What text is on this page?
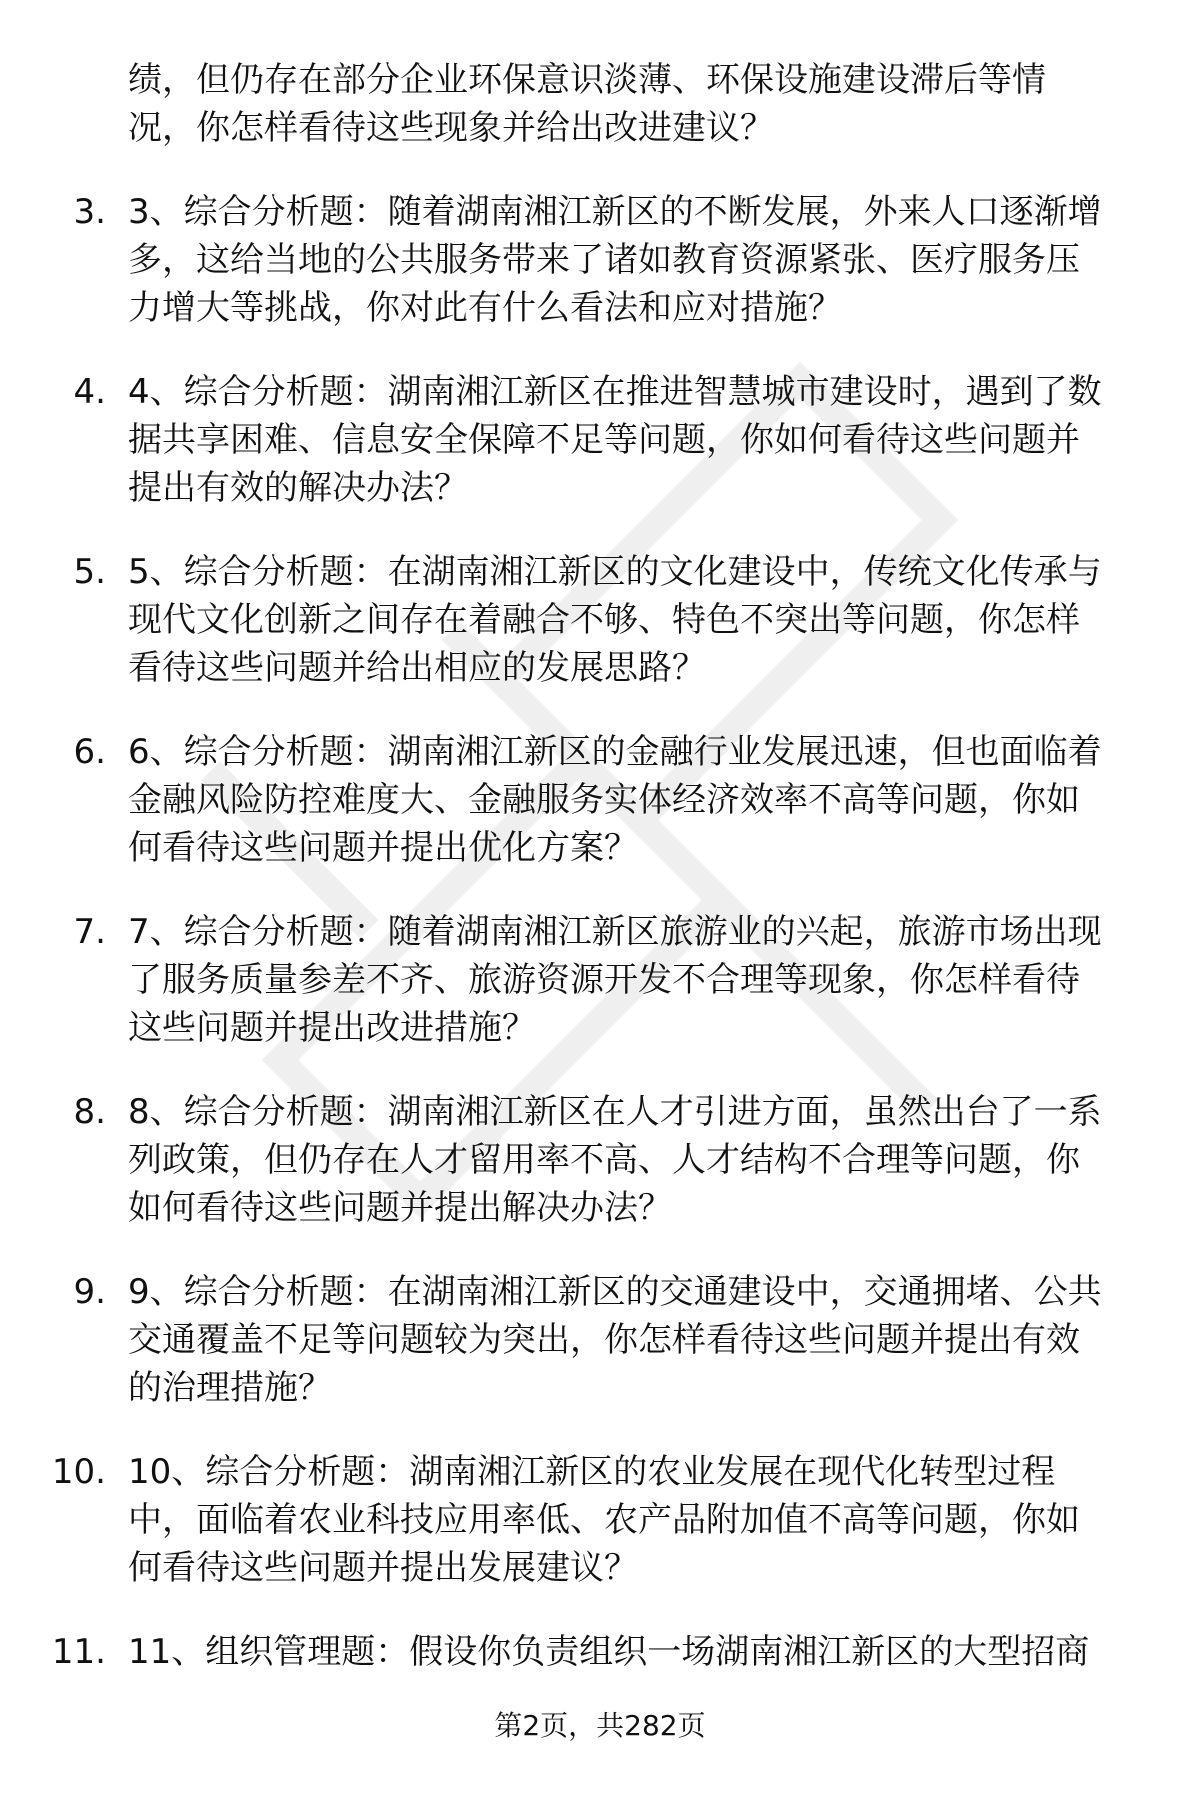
绩，但仍存在部分企业环保意识淡薄、环保设施建设滞后等情
况，你怎样看待这些现象并给出改进建议？
3. 3、综合分析题：随着湖南湘江新区的不断发展，外来人口逐渐增
多，这给当地的公共服务带来了诸如教育资源紧张、医疗服务压
力增大等挑战，你对此有什么看法和应对措施？
4. 4、综合分析题：湖南湘江新区在推进智慧城市建设时，遇到了数
据共享困难、信息安全保障不足等问题，你如何看待这些问题并
提出有效的解决办法？
5. 5、综合分析题：在湖南湘江新区的文化建设中，传统文化传承与
现代文化创新之间存在着融合不够、特色不突出等问题，你怎样
看待这些问题并给出相应的发展思路？
6. 6、综合分析题：湖南湘江新区的金融行业发展迅速，但也面临着
金融风险防控难度大、金融服务实体经济效率不高等问题，你如
何看待这些问题并提出优化方案？
7. 7、综合分析题：随着湖南湘江新区旅游业的兴起，旅游市场出现
了服务质量参差不齐、旅游资源开发不合理等现象，你怎样看待
这些问题并提出改进措施？
8. 8、综合分析题：湖南湘江新区在人才引进方面，虽然出台了一系
列政策，但仍存在人才留用率不高、人才结构不合理等问题，你
如何看待这些问题并提出解决办法？
9. 9、综合分析题：在湖南湘江新区的交通建设中，交通拥堵、公共
交通覆盖不足等问题较为突出，你怎样看待这些问题并提出有效
的治理措施？
10. 10、综合分析题：湖南湘江新区的农业发展在现代化转型过程
中，面临着农业科技应用率低、农产品附加值不高等问题，你如
何看待这些问题并提出发展建议？
11. 11、组织管理题：假设你负责组织一场湖南湘江新区的大型招商
第2页，共282页
